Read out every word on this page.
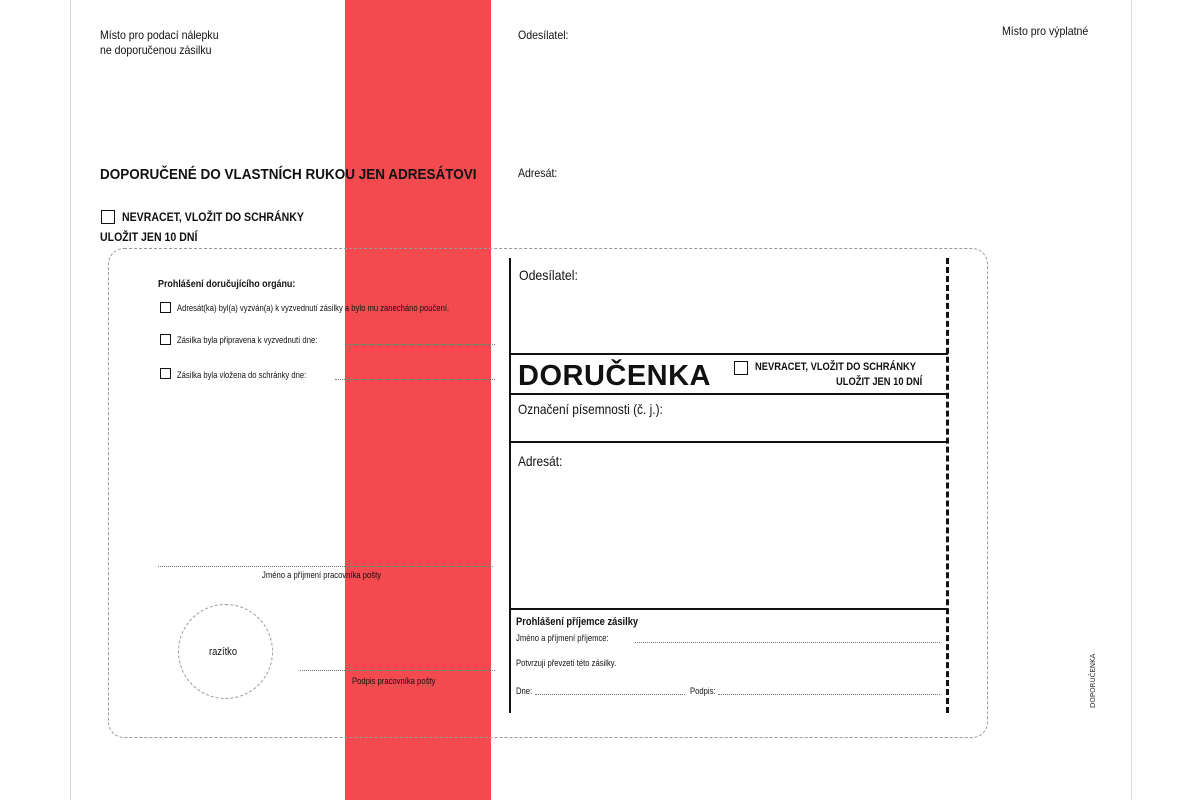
Místo pro podací nálepku
ne doporučenou zásilku
Odesílatel:	Místo pro výplatné
DOPORUČENÉ DO VLASTNÍCH RUKOU JEN ADRESÁTOVI	Adresát:
NEVRACET, VLOŽIT DO SCHRÁNKY
ULOŽIT JEN 10 DNÍ
Prohlášení doručujícího orgánu:
Adresát(ka) byl(a) vyzván(a) k vyzvednutí zásilky a bylo mu zanecháno poučení.
Zásilka byla připravena k vyzvednutí dne:
Zásilka byla vložena do schránky dne:
Jméno a příjmení pracovníka pošty
razítko
Podpis pracovníka pošty
Odesílatel:
DORUČENKA	NEVRACET, VLOŽIT DO SCHRÁNKY
ULOŽIT JEN 10 DNÍ
Označení písemnosti (č. j.):
Adresát:
Prohlášení příjemce zásilky
Jméno a příjmení příjemce:
Potvrzuji převzetí této zásilky.
Dne:	Podpis:	DOPORUČENKA
